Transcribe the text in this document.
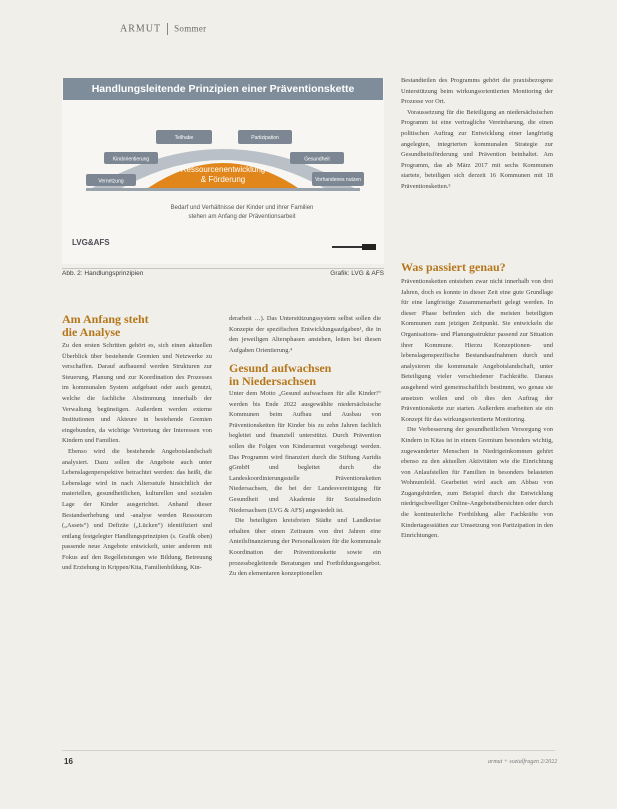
ARMUT Sommer
Handlungsleitende Prinzipien einer Präventionskette
Vernetzung
Kindorientierung
Teilhabe	Partizipation
Gesundheit
Vorhandenes nutzen
Ressourcenentwicklung
& Förderung
Bedarf und Verhältnisse der Kinder und ihrer Familien
stehen am Anfang der Präventionsarbeit
LVG&AFS
Abb. 2: Handlungsprinzipien	Grafik: LVG & AFS
Am Anfang steht
die Analyse

Zu den ersten Schritten gehört es, sich einen aktuellen Überblick über bestehende Gremien und Netzwerke zu verschaffen. Darauf aufbauend werden Strukturen zur Steuerung, Planung und zur Koordination des Prozesses im kommunalen System aufgebaut oder auch genutzt, welche die fachliche Abstimmung innerhalb der Verwaltung begünstigen. Außerdem werden externe Institutionen und Akteure in bestehende Gremien eingebunden, da wichtige Vertretung der Interessen von Kindern und Familien.

Ebenso wird die bestehende Angebotslandschaft analysiert. Dazu sollen die Angebote auch unter Lebenslagenperspektive betrachtet werden: das heißt, die Lebenslage wird in nach Altersstufe hinsichtlich der materiellen, gesundheitlichen, kulturellen und sozialen Lage der Kinder ausgerichtet. Anhand dieser Bestandserhebung und -analyse werden Ressourcen („Assets“) und Defizite („Lücken“) identifiziert und entlang festgelegter Handlungsprinzipien (s. Grafik oben) passende neue Angebote entwickelt, unter anderem mit Fokus auf den Regelleistungen wie Bildung, Betreuung und Erziehung in Krippen/Kita, Familienbildung, Kin-

derarbeit …). Das Unterstützungssystem selbst sollen die Konzepte der spezifischen Entwicklungsaufgaben¹, die in den jeweiligen Altersphasen anstehen, leiten bei diesen Aufgaben Orientierung.⁴

Gesund aufwachsen
in Niedersachsen

Unter dem Motto „Gesund aufwachsen für alle Kinder!“ werden bis Ende 2022 ausgewählte niedersächsische Kommunen beim Aufbau und Ausbau von Präventionsketten für Kinder bis zu zehn Jahren fachlich begleitet und finanziell unterstützt. Durch Prävention sollen die Folgen von Kinderarmut vorgebeugt werden. Das Programm wird finanziert durch die Stiftung Auridis gGmbH und begleitet durch die Landeskoordinierungsstelle Präventionsketten Niedersachsen, die bei der Landesvereinigung für Gesundheit und Akademie für Sozialmedizin Niedersachsen (LVG & AFS) angesiedelt ist.

Die beteiligten kreisfreien Städte und Landkreise erhalten über einen Zeitraum von drei Jahren eine Anteilsfinanzierung der Personalkosten für die kommunale Koordination der Präventionskette sowie ein prozessbegleitende Beratungen und Fortbildungsangebot. Zu den elementaren konzeptionellen

Bestandteilen des Programms gehört die praxisbezogene Unterstützung beim wirkungsorientierten Monitoring der Prozesse vor Ort.

Voraussetzung für die Beteiligung an niedersächsischen Programm ist eine vertragliche Vereinbarung, die einen politischen Auftrag zur Entwicklung einer langfristig angelegten, integrierten kommunalen Strategie zur Gesundheitsförderung und Prävention beinhaltet. Am Programm, das ab März 2017 mit sechs Kommunen startete, beteiligen sich derzeit 16 Kommunen mit 18 Präventionsketten.⁵

Was passiert genau?

Präventionsketten entstehen zwar nicht innerhalb von drei Jahren, doch es konnte in dieser Zeit eine gute Grundlage für eine langfristige Zusammenarbeit gelegt werden. In dieser Phase befinden sich die meisten beteiligten Kommunen zum jetzigen Zeitpunkt. Sie entwickeln die Organisations- und Planungsstruktur passend zur Situation ihrer Kommune. Hierzu Konzeptionen- und lebenslagenspezifische Bestandsaufnahmen durch und analysieren die kommunale Angebotslandschaft, unter Beteiligung vieler verschiedener Fachkräfte. Daraus ausgehend wird gemeinschaftlich bestimmt, wo genau sie ansetzen wollen und ob dies den Auftrag der Präventionskette zur starten. Außerdem erarbeiten sie ein Konzept für das wirkungsorientierte Monitoring.

Die Verbesserung der gesundheitlichen Versorgung von Kindern in Kitas ist in einem Gremium besonders wichtig, zugewanderter Menschen in Niedrigeinkommen gehört ebenso zu den aktuellen Aktivitäten wie die Einrichtung von Anlaufstellen für Familien in besonders belasteten Wohnumfeld. Gearbeitet wird auch am Abbau von Zugangshürden, zum Beispiel durch die Entwicklung niedrigschwelliger Online-Angebotsübersichten oder durch die kontinuierliche Fortbildung aller Fachkräfte von Kindertagesstätten zur Umsetzung von Partizipation in den Einrichtungen.

16	armut + sozialfragen 2/2022
